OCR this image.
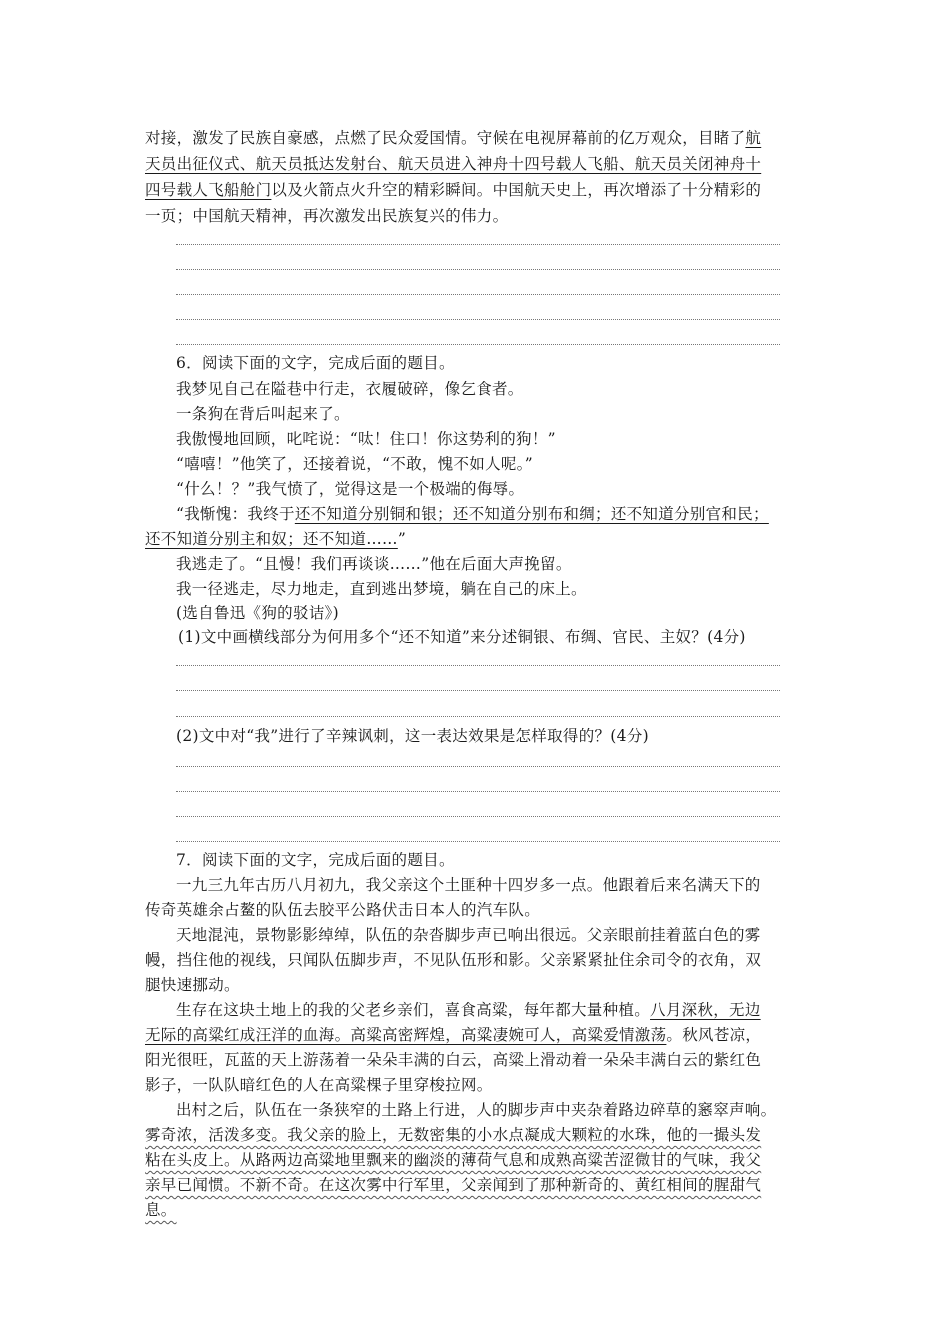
对接，激发了民族自豪感，点燃了民众爱国情。守候在电视屏幕前的亿万观众，目睹了航
天员出征仪式、航天员抵达发射台、航天员进入神舟十四号载人飞船、航天员关闭神舟十
四号载人飞船舱门以及火箭点火升空的精彩瞬间。中国航天史上，再次增添了十分精彩的
一页；中国航天精神，再次激发出民族复兴的伟力。
6．阅读下面的文字，完成后面的题目。
我梦见自己在隘巷中行走，衣履破碎，像乞食者。
一条狗在背后叫起来了。
我傲慢地回顾，叱咤说：“呔！住口！你这势利的狗！”
“嘻嘻！”他笑了，还接着说，“不敢，愧不如人呢。”
“什么！？”我气愤了，觉得这是一个极端的侮辱。
“我惭愧：我终于还不知道分别铜和银；还不知道分别布和绸；还不知道分别官和民；
还不知道分别主和奴；还不知道……”
我逃走了。“且慢！我们再谈谈……”他在后面大声挽留。
我一径逃走，尽力地走，直到逃出梦境，躺在自己的床上。
(选自鲁迅《狗的驳诘》)
(1)文中画横线部分为何用多个“还不知道”来分述铜银、布绸、官民、主奴？(4分)
(2)文中对“我”进行了辛辣讽刺，这一表达效果是怎样取得的？(4分)
7．阅读下面的文字，完成后面的题目。
一九三九年古历八月初九，我父亲这个土匪种十四岁多一点。他跟着后来名满天下的
传奇英雄余占鳌的队伍去胶平公路伏击日本人的汽车队。
天地混沌，景物影影绰绰，队伍的杂沓脚步声已响出很远。父亲眼前挂着蓝白色的雾
幔，挡住他的视线，只闻队伍脚步声，不见队伍形和影。父亲紧紧扯住余司令的衣角，双
腿快速挪动。
生存在这块土地上的我的父老乡亲们，喜食高粱，每年都大量种植。八月深秋，无边
无际的高粱红成汪洋的血海。高粱高密辉煌，高粱凄婉可人，高粱爱情激荡。秋风苍凉，
阳光很旺，瓦蓝的天上游荡着一朵朵丰满的白云，高粱上滑动着一朵朵丰满白云的紫红色
影子，一队队暗红色的人在高粱棵子里穿梭拉网。
出村之后，队伍在一条狭窄的土路上行进，人的脚步声中夹杂着路边碎草的窸窣声响。
雾奇浓，活泼多变。我父亲的脸上，无数密集的小水点凝成大颗粒的水珠，他的一撮头发
粘在头皮上。从路两边高粱地里飘来的幽淡的薄荷气息和成熟高粱苦涩微甘的气味，我父
亲早已闻惯。不新不奇。在这次雾中行军里，父亲闻到了那种新奇的、黄红相间的腥甜气
息。
